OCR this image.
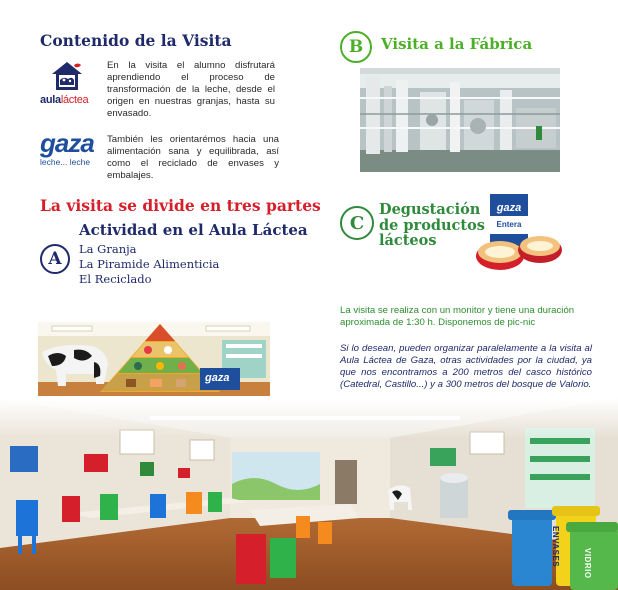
Contenido de la Visita
aulaláctea

En la visita el alumno disfrutará aprendiendo el proceso de transformación de la leche, desde el origen en nuestras granjas, hasta su envasado.

gaza
leche... leche

También les orientarémos hacia una alimentación sana y equilibrada, así como el reciclado de envases y embalajes.

La visita se divide en tres partes
A
Actividad en el Aula Láctea
La Granja
La Piramide Alimenticia
El Reciclado
gaza
B	Visita a la Fábrica
C
Degustación
de productos
lácteos
gaza
Entera

La visita se realiza con un monitor y tiene una duración aproximada de 1:30 h. Disponemos de pic-nic

Si lo desean, pueden organizar paralelamente a la visita al Aula Láctea de Gaza, otras actividades por la ciudad, ya que nos encontramos a 200 metros del casco histórico (Catedral, Castillo...) y a 300 metros del bosque de Valorio.

ENVASES	VIDRIO
